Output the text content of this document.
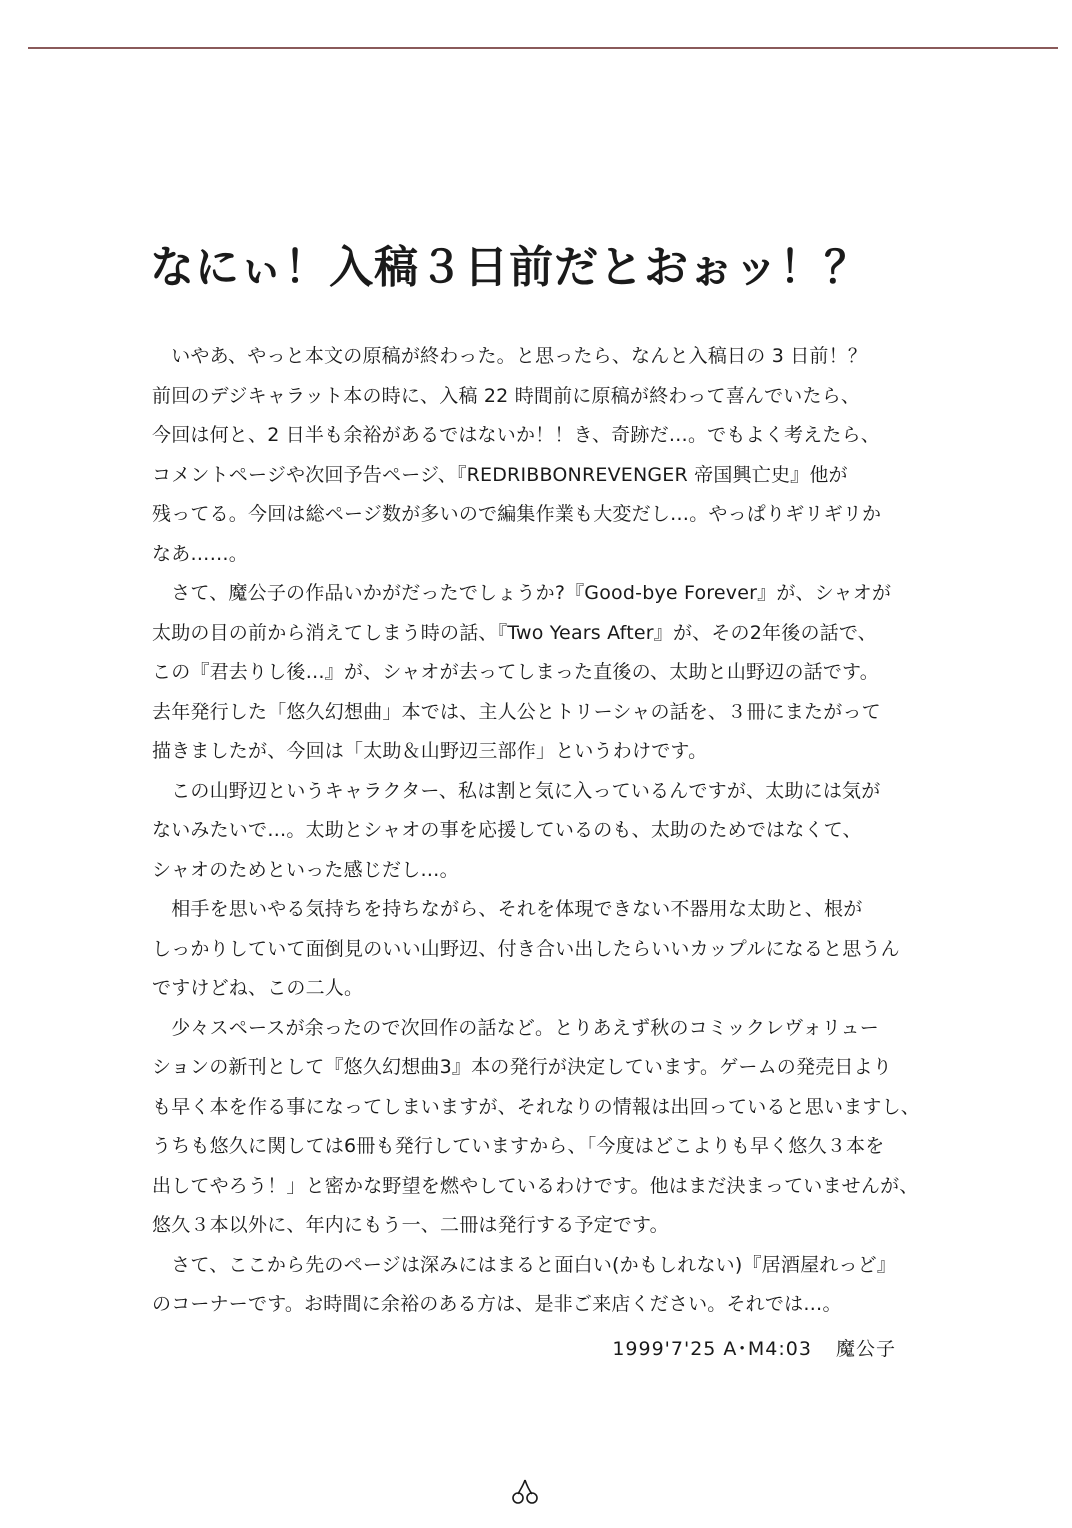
なにぃ！入稿３日前だとおぉッ！？
　いやあ、やっと本文の原稿が終わった。と思ったら、なんと入稿日の 3 日前！？
前回のデジキャラット本の時に、入稿 22 時間前に原稿が終わって喜んでいたら、
今回は何と、2 日半も余裕があるではないか！！き、奇跡だ…。でもよく考えたら、
コメントページや次回予告ページ、『REDRIBBONREVENGER 帝国興亡史』他が
残ってる。今回は総ページ数が多いので編集作業も大変だし…。やっぱりギリギリか
なあ……。
　さて、魔公子の作品いかがだったでしょうか?『Good-bye Forever』が、シャオが
太助の目の前から消えてしまう時の話、『Two Years After』が、その2年後の話で、
この『君去りし後…』が、シャオが去ってしまった直後の、太助と山野辺の話です。
去年発行した「悠久幻想曲」本では、主人公とトリーシャの話を、３冊にまたがって
描きましたが、今回は「太助＆山野辺三部作」というわけです。
　この山野辺というキャラクター、私は割と気に入っているんですが、太助には気が
ないみたいで…。太助とシャオの事を応援しているのも、太助のためではなくて、
シャオのためといった感じだし…。
　相手を思いやる気持ちを持ちながら、それを体現できない不器用な太助と、根が
しっかりしていて面倒見のいい山野辺、付き合い出したらいいカップルになると思うん
ですけどね、この二人。
　少々スペースが余ったので次回作の話など。とりあえず秋のコミックレヴォリュー
ションの新刊として『悠久幻想曲3』本の発行が決定しています。ゲームの発売日より
も早く本を作る事になってしまいますが、それなりの情報は出回っていると思いますし、
うちも悠久に関しては6冊も発行していますから、「今度はどこよりも早く悠久３本を
出してやろう！」と密かな野望を燃やしているわけです。他はまだ決まっていませんが、
悠久３本以外に、年内にもう一、二冊は発行する予定です。
　さて、ここから先のページは深みにはまると面白い(かもしれない)『居酒屋れっど』
のコーナーです。お時間に余裕のある方は、是非ご来店ください。それでは…。
1999'7'25 A･M4:03 魔公子
